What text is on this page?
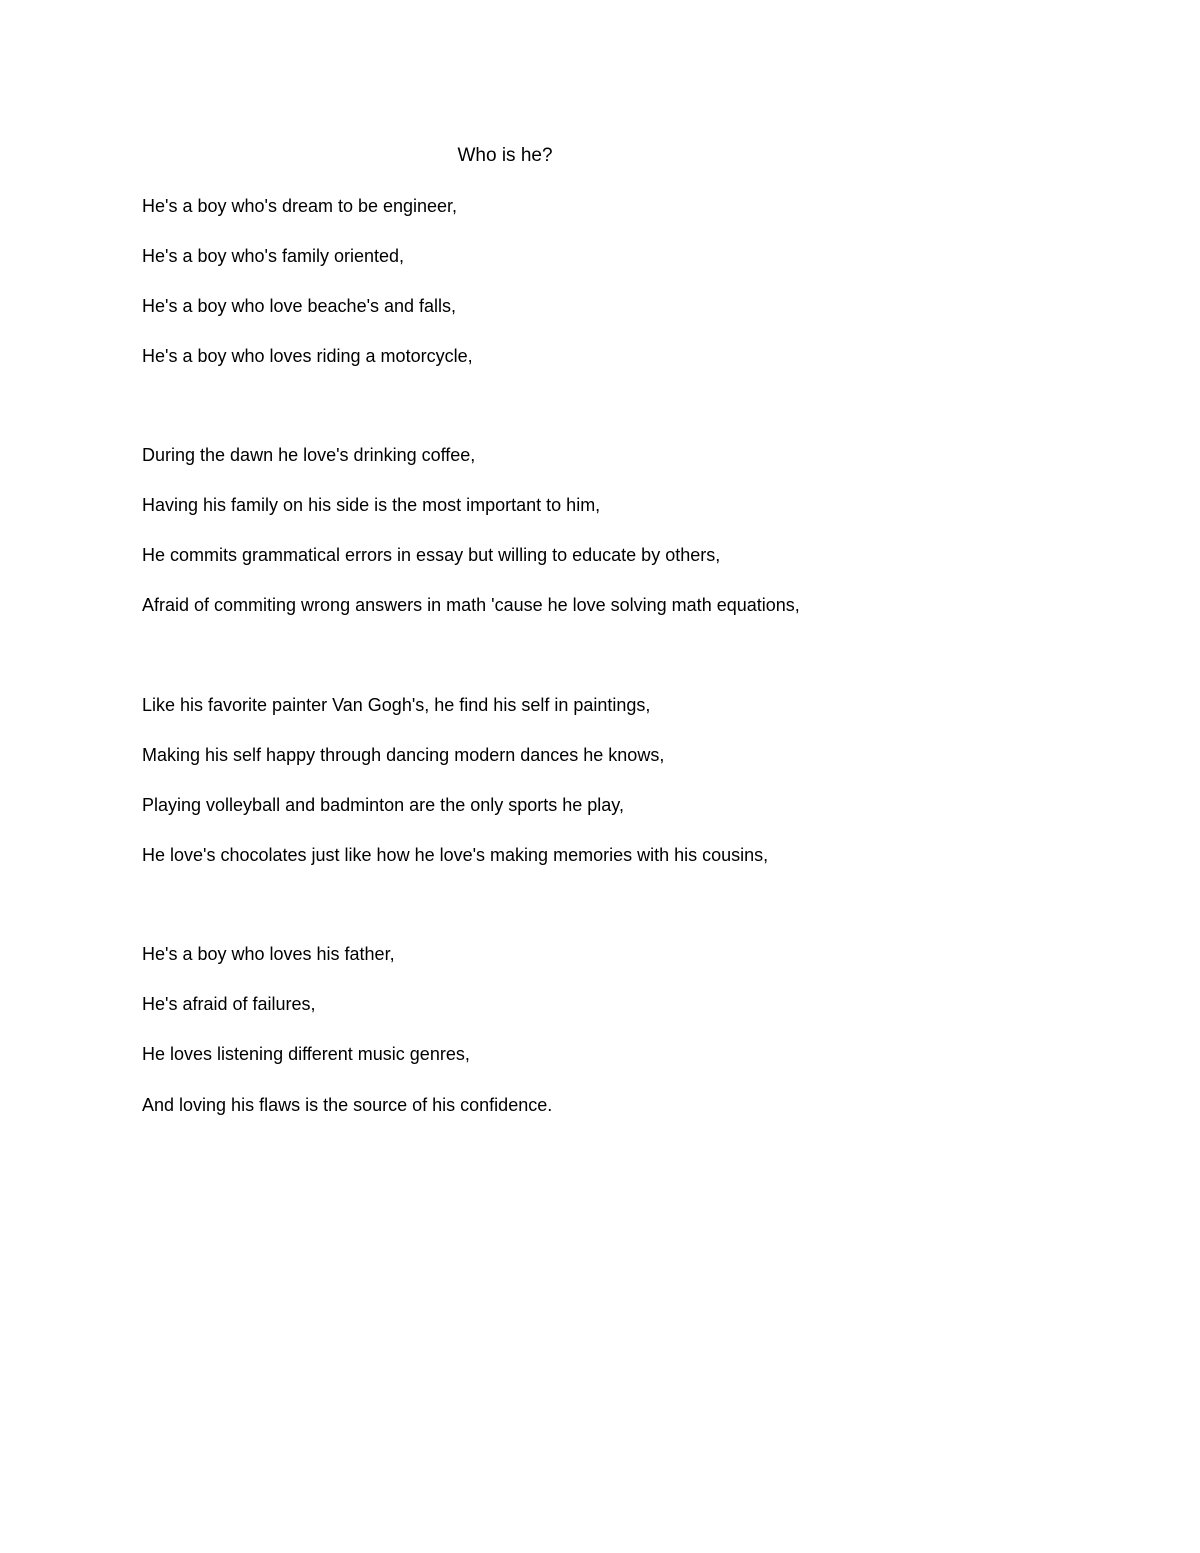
Who is he?
He's a boy who's dream to be engineer,
He's a boy who's family oriented,
He's a boy who love beache's and falls,
He's a boy who loves riding a motorcycle,
During the dawn he love's drinking coffee,
Having his family on his side is the most important to him,
He commits grammatical errors in essay but willing to educate by others,
Afraid of commiting wrong answers in math 'cause he love solving math equations,
Like his favorite painter Van Gogh's, he find his self in paintings,
Making his self happy through dancing modern dances he knows,
Playing volleyball and badminton are the only sports he play,
He love's chocolates just like how he love's making memories with his cousins,
He's a boy who loves his father,
He's afraid of failures,
He loves listening different music genres,
And loving his flaws is the source of his confidence.
